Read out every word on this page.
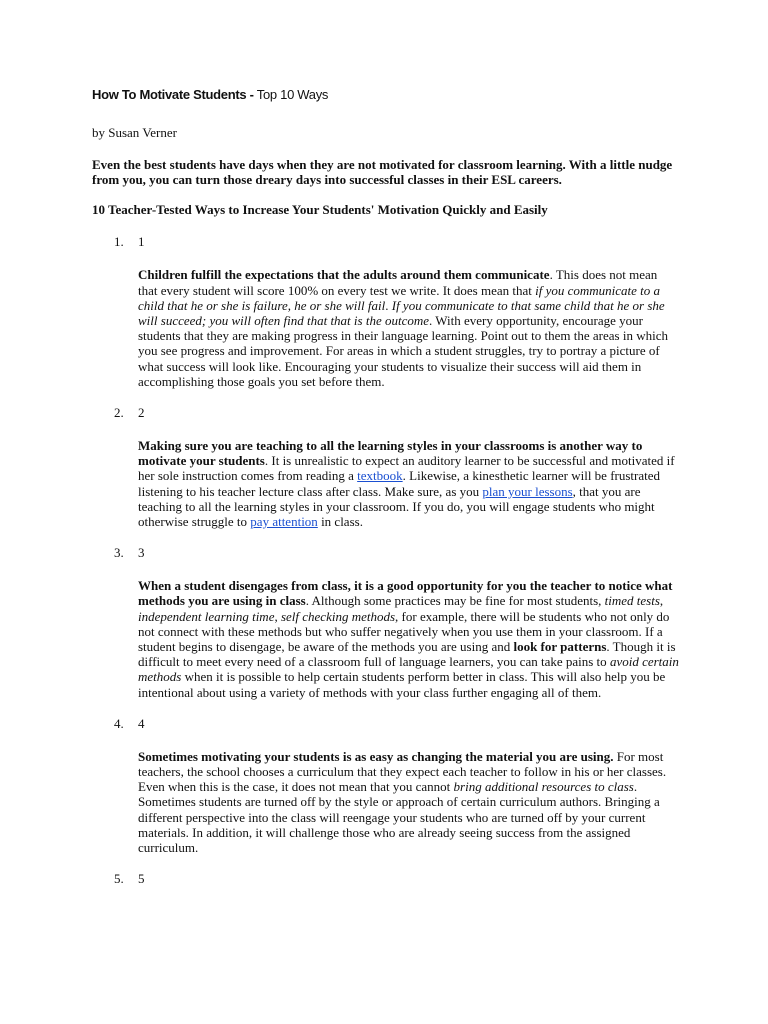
How To Motivate Students - Top 10 Ways

by Susan Verner

Even the best students have days when they are not motivated for classroom learning. With a little nudge from you, you can turn those dreary days into successful classes in their ESL careers.

10 Teacher-Tested Ways to Increase Your Students' Motivation Quickly and Easily

1. 1

Children fulfill the expectations that the adults around them communicate. This does not mean that every student will score 100% on every test we write. It does mean that if you communicate to a child that he or she is failure, he or she will fail. If you communicate to that same child that he or she will succeed; you will often find that that is the outcome. With every opportunity, encourage your students that they are making progress in their language learning. Point out to them the areas in which you see progress and improvement. For areas in which a student struggles, try to portray a picture of what success will look like. Encouraging your students to visualize their success will aid them in accomplishing those goals you set before them.

2. 2

Making sure you are teaching to all the learning styles in your classrooms is another way to motivate your students. It is unrealistic to expect an auditory learner to be successful and motivated if her sole instruction comes from reading a textbook. Likewise, a kinesthetic learner will be frustrated listening to his teacher lecture class after class. Make sure, as you plan your lessons, that you are teaching to all the learning styles in your classroom. If you do, you will engage students who might otherwise struggle to pay attention in class.

3. 3

When a student disengages from class, it is a good opportunity for you the teacher to notice what methods you are using in class. Although some practices may be fine for most students, timed tests, independent learning time, self checking methods, for example, there will be students who not only do not connect with these methods but who suffer negatively when you use them in your classroom. If a student begins to disengage, be aware of the methods you are using and look for patterns. Though it is difficult to meet every need of a classroom full of language learners, you can take pains to avoid certain methods when it is possible to help certain students perform better in class. This will also help you be intentional about using a variety of methods with your class further engaging all of them.

4. 4

Sometimes motivating your students is as easy as changing the material you are using. For most teachers, the school chooses a curriculum that they expect each teacher to follow in his or her classes. Even when this is the case, it does not mean that you cannot bring additional resources to class. Sometimes students are turned off by the style or approach of certain curriculum authors. Bringing a different perspective into the class will reengage your students who are turned off by your current materials. In addition, it will challenge those who are already seeing success from the assigned curriculum.

5. 5
